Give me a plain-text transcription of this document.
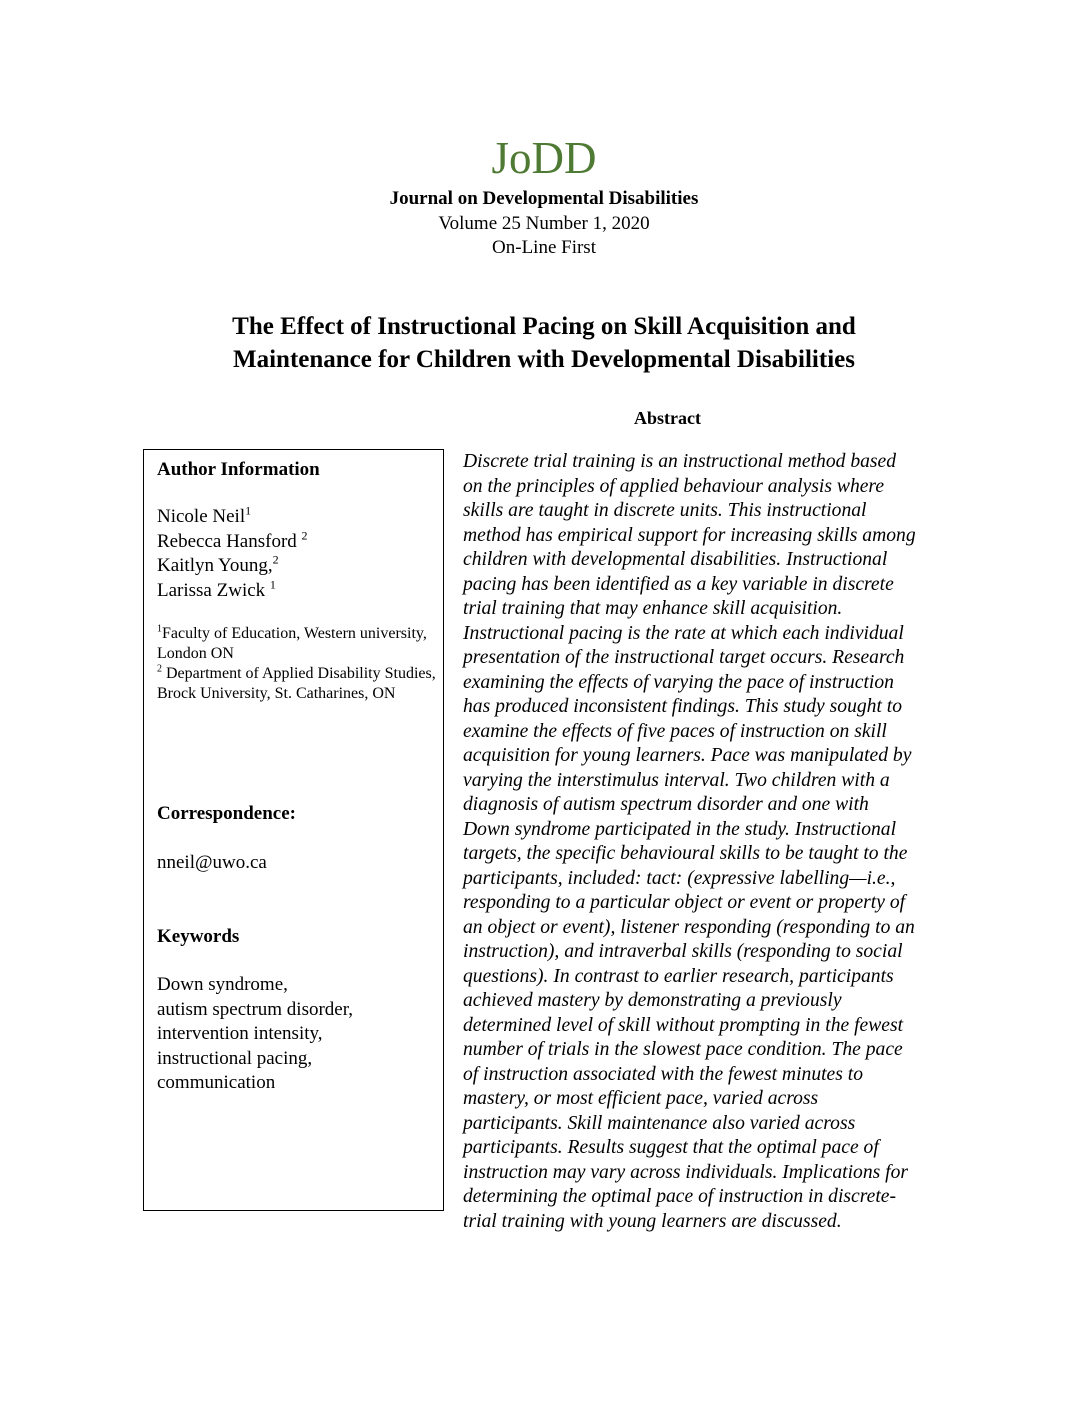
JoDD
Journal on Developmental Disabilities
Volume 25 Number 1, 2020
On-Line First
The Effect of Instructional Pacing on Skill Acquisition and
Maintenance for Children with Developmental Disabilities
Abstract
Author Information
Nicole Neil$^1$
Rebecca Hansford $^2$
Kaitlyn Young,$^2$
Larissa Zwick $^1$
$^1$Faculty of Education, Western university, London ON
$^2$ Department of Applied Disability Studies, Brock University, St. Catharines, ON
Correspondence:
nneil@uwo.ca
Keywords
Down syndrome,
autism spectrum disorder,
intervention intensity,
instructional pacing,
communication
Discrete trial training is an instructional method based
on the principles of applied behaviour analysis where
skills are taught in discrete units. This instructional
method has empirical support for increasing skills among
children with developmental disabilities. Instructional
pacing has been identified as a key variable in discrete
trial training that may enhance skill acquisition.
Instructional pacing is the rate at which each individual
presentation of the instructional target occurs. Research
examining the effects of varying the pace of instruction
has produced inconsistent findings. This study sought to
examine the effects of five paces of instruction on skill
acquisition for young learners. Pace was manipulated by
varying the interstimulus interval. Two children with a
diagnosis of autism spectrum disorder and one with
Down syndrome participated in the study. Instructional
targets, the specific behavioural skills to be taught to the
participants, included: tact: (expressive labelling—i.e.,
responding to a particular object or event or property of
an object or event), listener responding (responding to an
instruction), and intraverbal skills (responding to social
questions). In contrast to earlier research, participants
achieved mastery by demonstrating a previously
determined level of skill without prompting in the fewest
number of trials in the slowest pace condition. The pace
of instruction associated with the fewest minutes to
mastery, or most efficient pace, varied across
participants. Skill maintenance also varied across
participants. Results suggest that the optimal pace of
instruction may vary across individuals. Implications for
determining the optimal pace of instruction in discrete-
trial training with young learners are discussed.
